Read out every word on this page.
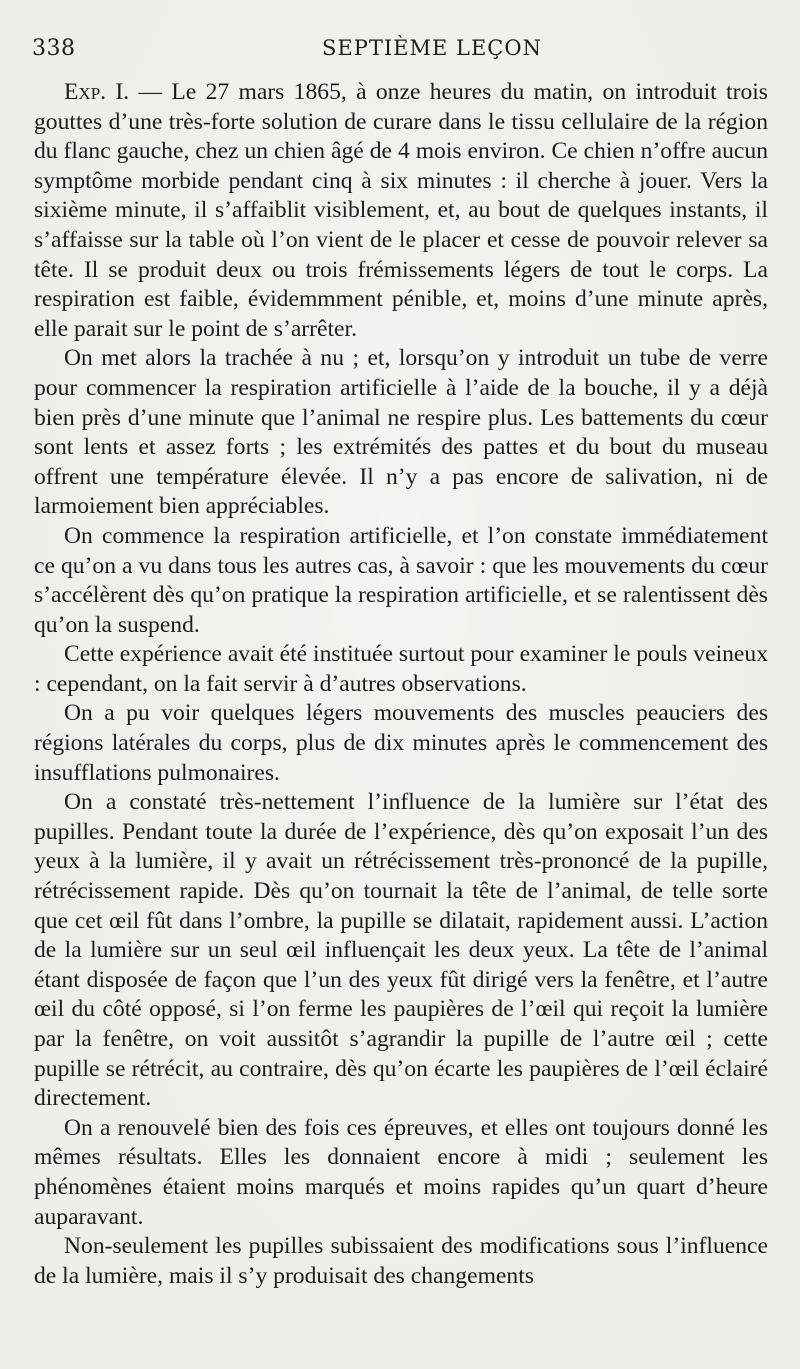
338	SEPTIÈME LEÇON

Exp. I. — Le 27 mars 1865, à onze heures du matin, on introduit trois gouttes d’une très-forte solution de curare dans le tissu cellulaire de la région du flanc gauche, chez un chien âgé de 4 mois environ. Ce chien n’offre aucun symptôme morbide pendant cinq à six minutes : il cherche à jouer. Vers la sixième minute, il s’affaiblit visiblement, et, au bout de quelques instants, il s’affaisse sur la table où l’on vient de le placer et cesse de pouvoir relever sa tête. Il se produit deux ou trois frémissements légers de tout le corps. La respiration est faible, évidemmment pénible, et, moins d’une minute après, elle parait sur le point de s’arrêter.

On met alors la trachée à nu ; et, lorsqu’on y introduit un tube de verre pour commencer la respiration artificielle à l’aide de la bouche, il y a déjà bien près d’une minute que l’animal ne respire plus. Les battements du cœur sont lents et assez forts ; les extrémités des pattes et du bout du museau offrent une température élevée. Il n’y a pas encore de salivation, ni de larmoiement bien appréciables.

On commence la respiration artificielle, et l’on constate immédiatement ce qu’on a vu dans tous les autres cas, à savoir : que les mouvements du cœur s’accélèrent dès qu’on pratique la respiration artificielle, et se ralentissent dès qu’on la suspend.

Cette expérience avait été instituée surtout pour examiner le pouls veineux : cependant, on la fait servir à d’autres observations.

On a pu voir quelques légers mouvements des muscles peauciers des régions latérales du corps, plus de dix minutes après le commencement des insufflations pulmonaires.

On a constaté très-nettement l’influence de la lumière sur l’état des pupilles. Pendant toute la durée de l’expérience, dès qu’on exposait l’un des yeux à la lumière, il y avait un rétrécissement très-prononcé de la pupille, rétrécissement rapide. Dès qu’on tournait la tête de l’animal, de telle sorte que cet œil fût dans l’ombre, la pupille se dilatait, rapidement aussi. L’action de la lumière sur un seul œil influençait les deux yeux. La tête de l’animal étant disposée de façon que l’un des yeux fût dirigé vers la fenêtre, et l’autre œil du côté opposé, si l’on ferme les paupières de l’œil qui reçoit la lumière par la fenêtre, on voit aussitôt s’agrandir la pupille de l’autre œil ; cette pupille se rétrécit, au contraire, dès qu’on écarte les paupières de l’œil éclairé directement.

On a renouvelé bien des fois ces épreuves, et elles ont toujours donné les mêmes résultats. Elles les donnaient encore à midi ; seulement les phénomènes étaient moins marqués et moins rapides qu’un quart d’heure auparavant.

Non-seulement les pupilles subissaient des modifications sous l’influence de la lumière, mais il s’y produisait des changements
